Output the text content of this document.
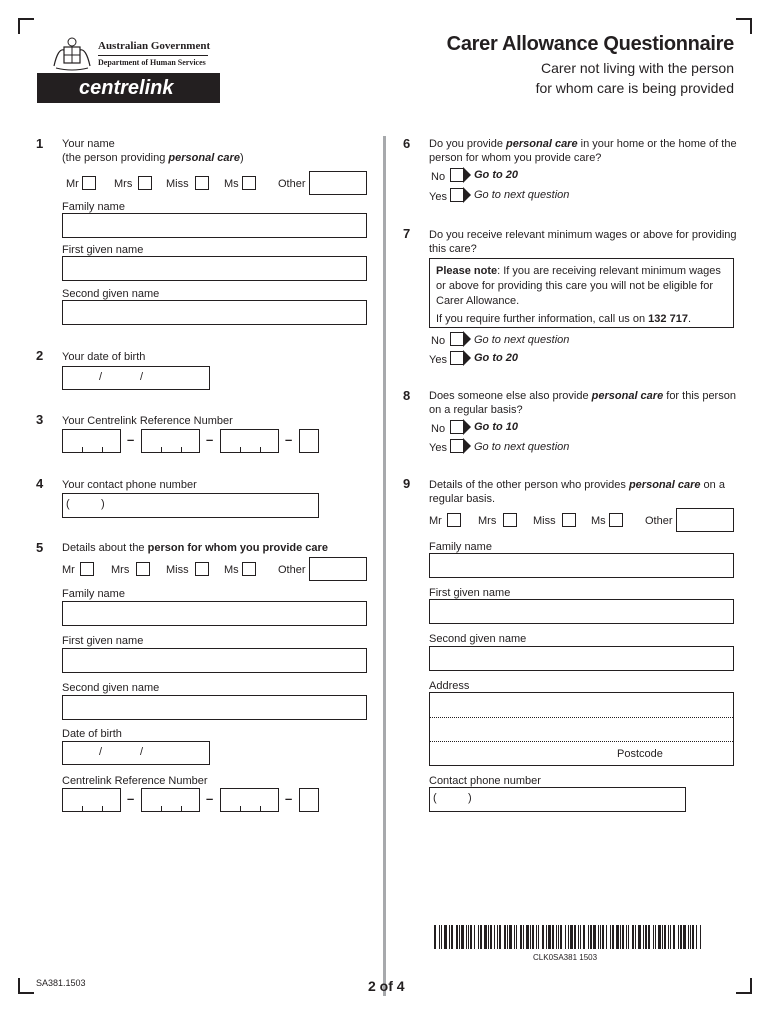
Australian Government
Department of Human Services
centrelink
Carer Allowance Questionnaire
Carer not living with the person
for whom care is being provided
1 Your name
(the person providing personal care)
Mr	Mrs	Miss	Ms	Other
Family name
First given name
Second given name
2 Your date of birth
/	/
3 Your Centrelink Reference Number
–	–	–
4 Your contact phone number
(	)
5 Details about the person for whom you provide care
Mr	Mrs	Miss	Ms	Other
Family name
First given name
Second given name
Date of birth
/	/
Centrelink Reference Number
–	–	–
6 Do you provide personal care in your home or the home of the
person for whom you provide care?
No	Go to 20
Yes Go to next question
7 Do you receive relevant minimum wages or above for providing
this care?
Please note: If you are receiving relevant minimum wages
or above for providing this care you will not be eligible for
Carer Allowance.
If you require further information, call us on 132 717.
No	Go to next question
Yes Go to 20
8 Does someone else also provide personal care for this person
on a regular basis?
No	Go to 10
Yes Go to next question
9 Details of the other person who provides personal care on a
regular basis.
Mr	Mrs	Miss	Ms	Other
Family name
First given name
Second given name
Address
Postcode
Contact phone number
(	)
CLK0SA381 1503
SA381.1503	2 of 4
